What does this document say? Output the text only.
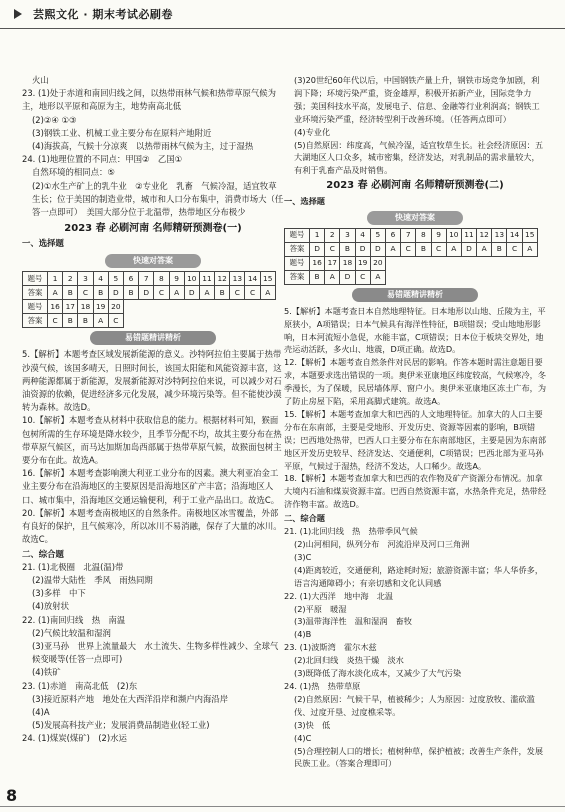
芸熙文化 · 期末考试必刷卷

火山

23. (1)处于赤道和南回归线之间，以热带雨林气候和热带草原气候为主，地形以平原和高原为主，地势南高北低

(2)②④ ①③

(3)钢铁工业、机械工业主要分布在原料产地附近

(4)海拔高，气候十分凉爽　以热带雨林气候为主，过于湿热

24. (1)地理位置的不同点：甲国②　乙国①

自然环境的相同点：⑤

(2)①水生产矿上的乳牛业　②专业化　乳畜　气候冷湿，适宜牧草生长；位于美国的制造业带，城市和人口分布集中，消费市场大（任答一点即可）　美国大部分位于北温带，热带地区分布极少

2023 春 必刷河南 名师精研预测卷(一)

一、选择题

快速对答案
题号	1	2	3	4	5	6	7	8	9	10	11	12	13	14	15
答案	A	B	C	B	D	B	D	C	A	D	A	B	C	C	A
题号	16	17	18	19	20										
答案	C	B	B	A	C										
易错题精讲精析

5.【解析】本题考查区域发展新能源的意义。沙特阿拉伯主要属于热带沙漠气候，该国多晴天，日照时间长，该国太阳能和风能资源丰富，这两种能源都属于新能源，发展新能源对沙特阿拉伯来说，可以减少对石油资源的依赖，促进经济多元化发展，减少环境污染等。但不能使沙漠转为森林。故选D。

10.【解析】本题考查从材料中获取信息的能力。根据材料可知，猴面包树所需的生存环境是降水较少，且季节分配不均，故其主要分布在热带草原气候区，而马达加斯加岛西部属于热带草原气候，故猴面包树主要分布在此。故选A。

16.【解析】本题考查影响澳大利亚工业分布的因素。澳大利亚冶金工业主要分布在沿海地区的主要原因是沿海地区矿产丰富；沿海地区人口、城市集中，沿海地区交通运输便利，利于工业产品出口。故选C。

20.【解析】本题考查南极地区的自然条件。南极地区冰雪覆盖，外部有良好的保护，且气候寒冷，所以冰川不易消融，保存了大量的冰川。故选C。

二、综合题

21. (1)北极圈　北温(温)带

(2)温带大陆性　季风　雨热同期

(3)多样　中下

(4)放射状

22. (1)南回归线　热　南温

(2)气候比较温和湿润

(3)亚马孙　世界上流量最大　水土流失、生物多样性减少、全球气候变暖等(任答一点即可)

(4)铁矿

23. (1)赤道　南高北低　(2)东

(3)接近原料产地　地处在大西洋沿岸和濒户内海沿岸

(4)A

(5)发展高科技产业；发展消费品制造业(轻工业)

24. (1)煤炭(煤矿)　(2)水运

(3)20世纪60年代以后，中国钢铁产量上升，钢铁市场竞争加剧，利润下降；环境污染严重，资金雄厚，积极开拓新产业，国际竞争力强；美国科技水平高，发展电子、信息、金融等行业利润高；钢铁工业环境污染严重，经济转型利于改善环境。（任答两点即可）

(4)专业化

(5)自然原因：纬度高，气候冷湿，适宜牧草生长。社会经济原因：五大湖地区人口众多，城市密集，经济发达，对乳制品的需求量较大，有利于乳畜产品及时销售。

2023 春 必刷河南 名师精研预测卷(二)

一、选择题

快速对答案
题号	1	2	3	4	5	6	7	8	9	10	11	12	13	14	15
答案	D	C	B	D	D	A	C	B	C	A	D	A	B	C	A
题号	16	17	18	19	20										
答案	B	A	D	C	A										
易错题精讲精析

5.【解析】本题考查日本自然地理特征。日本地形以山地、丘陵为主，平原狭小，A项错误；日本气候具有海洋性特征，B项错误；受山地地形影响，日本河流短小急促，水能丰富，C项错误；日本位于板块交界处，地壳运动活跃，多火山、地震，D项正确。故选D。

12.【解析】本题考查自然条件对民居的影响。作答本题时需注意题目要求，本题要求选出错误的一项。奥伊米亚康地区纬度较高，气候寒冷，冬季漫长，为了保暖，民居墙体厚、窗户小。奥伊米亚康地区冻土广布，为了防止房屋下陷，采用高脚式建筑。故选A。

15.【解析】本题考查加拿大和巴西的人文地理特征。加拿大的人口主要分布在东南部，主要是受地形、开发历史、资源等因素的影响，B项错误；巴西地处热带，巴西人口主要分布在东南部地区，主要是因为东南部地区开发历史较早、经济发达、交通便利，C项错误；巴西北部为亚马孙平原，气候过于湿热，经济不发达，人口稀少。故选A。

18.【解析】本题考查加拿大和巴西的农作物及矿产资源分布情况。加拿大境内石油和煤炭资源丰富。巴西自然资源丰富，水热条件充足，热带经济作物丰富。故选D。

二、综合题

21. (1)北回归线　热　热带季风气候

(2)山河相间，纵列分布　河流沿岸及河口三角洲

(3)C

(4)距离较近，交通便利，路途耗时短；旅游资源丰富；华人华侨多，语言沟通障碍小；有亲切感和文化认同感

22. (1)大西洋　地中海　北温

(2)平原　暖湿

(3)温带海洋性　温和湿润　畜牧

(4)B

23. (1)波斯湾　霍尔木兹

(2)北回归线　炎热干燥　淡水

(3)既降低了海水淡化成本，又减少了大气污染

24. (1)热　热带草原

(2)自然原因：气候干旱，植被稀少；人为原因：过度放牧、滥砍滥伐、过度开垦、过度樵采等。

(3)快　低

(4)C

(5)合理控制人口的增长；植树种草，保护植被；改善生产条件，发展民族工业。（答案合理即可）

8
